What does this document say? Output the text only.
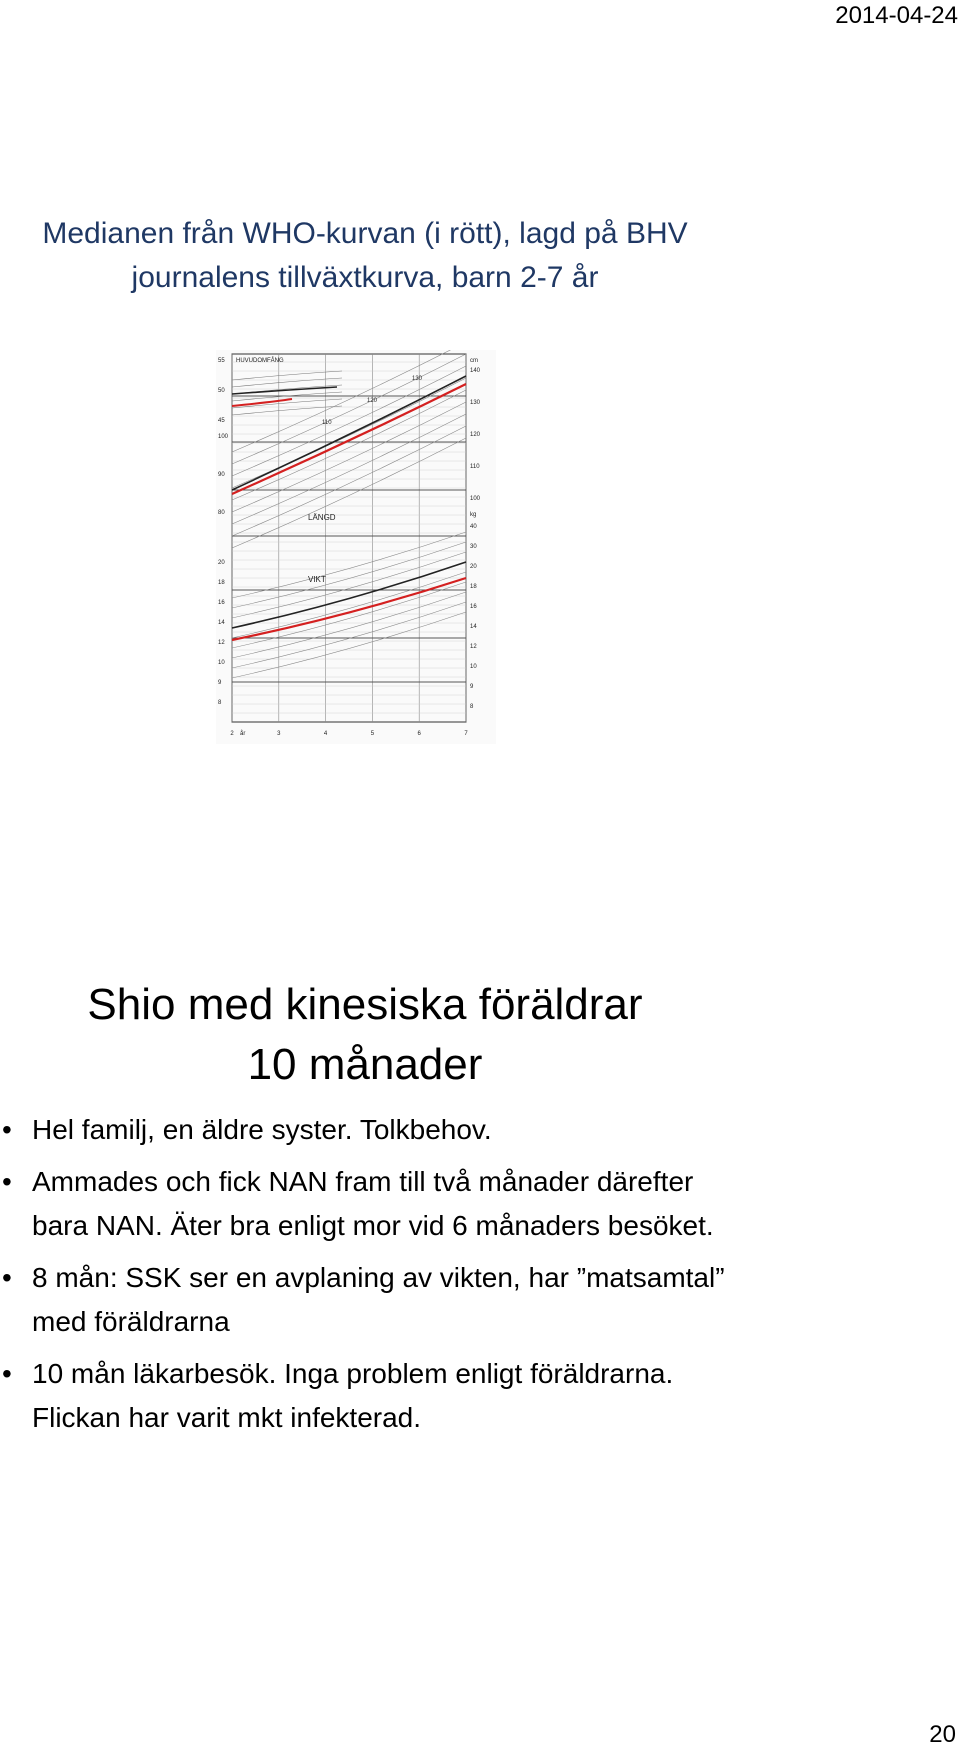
2014-04-24
Medianen från WHO-kurvan (i rött), lagd på BHV
journalens tillväxtkurva, barn 2-7 år
HUVUDOMFÅNG
LÄNGD
VIKT
cm
kg
år
2	3	4	5	6	7
140
130
120
110
100
40
30
20
18
16
14
12
10
9
8
55
50
45
100
90
80
20
18
16
14
12
10
9
8
130
120
110
Shio med kinesiska föräldrar
10 månader
• Hel familj, en äldre syster. Tolkbehov.
• Ammades och fick NAN fram till två månader därefter bara NAN. Äter bra enligt mor vid 6 månaders besöket.
• 8 mån: SSK ser en avplaning av vikten, har ”matsamtal” med föräldrarna
• 10 mån läkarbesök. Inga problem enligt föräldrarna. Flickan har varit mkt infekterad.
20
